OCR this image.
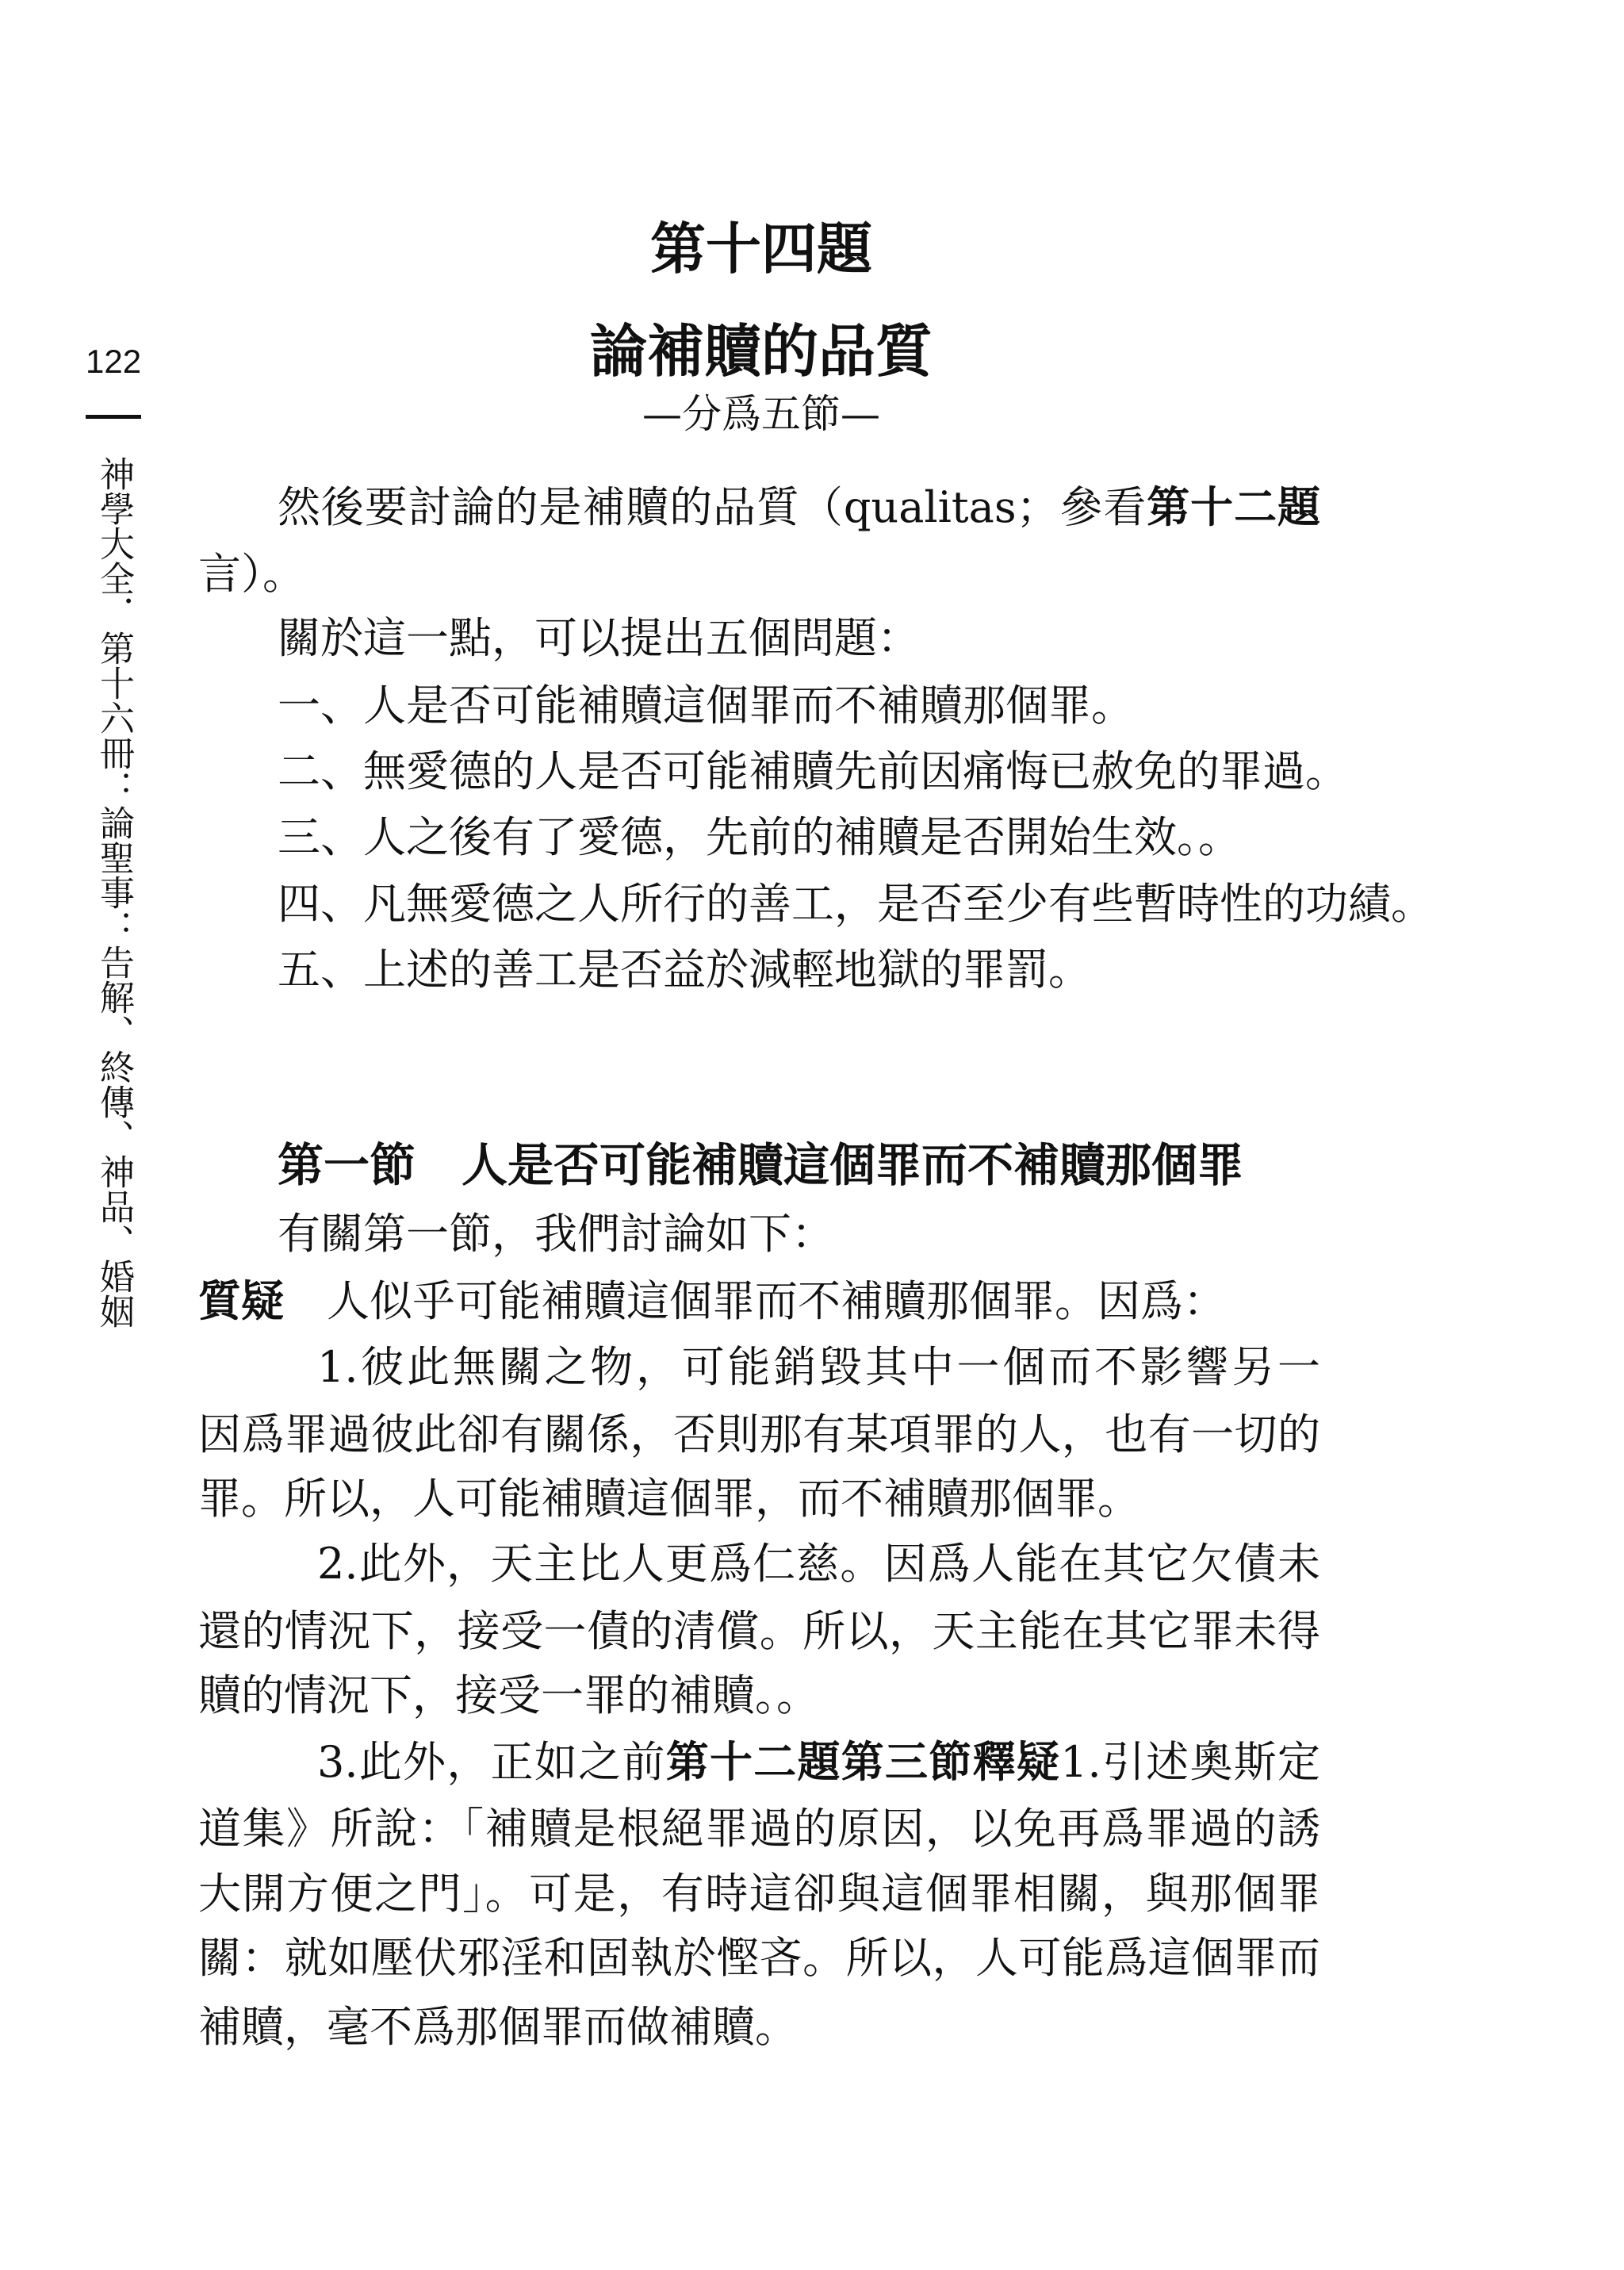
122
神學大全．第十六冊：論聖事：告解、終傳、神品、婚姻
第十四題
論補贖的品質
—分爲五節—
然後要討論的是補贖的品質（qualitas；參看第十二題
言）。
關於這一點，可以提出五個問題：
一、人是否可能補贖這個罪而不補贖那個罪。
二、無愛德的人是否可能補贖先前因痛悔已赦免的罪過。
三、人之後有了愛德，先前的補贖是否開始生效。。
四、凡無愛德之人所行的善工，是否至少有些暫時性的功績。
五、上述的善工是否益於減輕地獄的罪罰。
第一節　人是否可能補贖這個罪而不補贖那個罪
有關第一節，我們討論如下：
質疑　 人似乎可能補贖這個罪而不補贖那個罪。因爲：
1.彼此無關之物，可能銷毀其中一個而不影響另一
因爲罪過彼此卻有關係，否則那有某項罪的人，也有一切的
罪。所以，人可能補贖這個罪，而不補贖那個罪。
2.此外，天主比人更爲仁慈。因爲人能在其它欠債未
還的情況下，接受一債的清償。所以，天主能在其它罪未得
贖的情況下，接受一罪的補贖。。
3.此外，正如之前第十二題第三節釋疑1.引述奧斯定
道集》所說：「補贖是根絕罪過的原因，以免再爲罪過的誘
大開方便之門」。可是，有時這卻與這個罪相關，與那個罪
關：就如壓伏邪淫和固執於慳吝。所以，人可能爲這個罪而
補贖，毫不爲那個罪而做補贖。
